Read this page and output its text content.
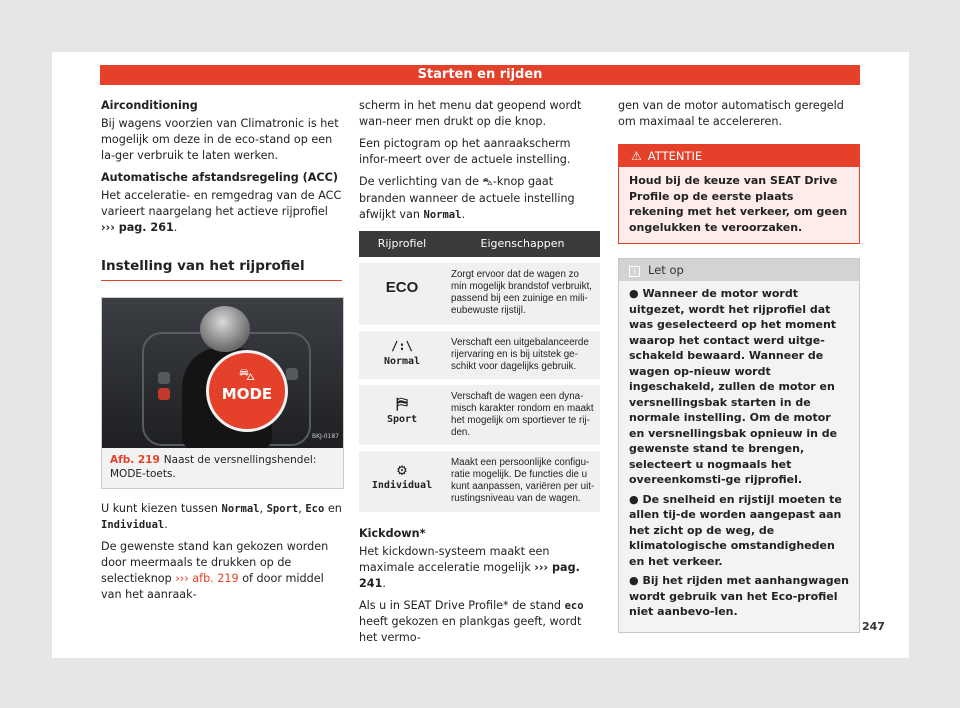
Starten en rijden

Airconditioning

Bij wagens voorzien van Climatronic is het mogelijk om deze in de eco-stand op een la-ger verbruik te laten werken.

Automatische afstandsregeling (ACC)

Het acceleratie- en remgedrag van de ACC varieert naargelang het actieve rijprofiel ››› pag. 261.

Instelling van het rijprofiel
⛍
MODE
BKJ-0187
Afb. 219 Naast de versnellingshendel: MODE-toets.

U kunt kiezen tussen Normal, Sport, Eco en Individual.

De gewenste stand kan gekozen worden door meermaals te drukken op de selectieknop ››› afb. 219 of door middel van het aanraak-

scherm in het menu dat geopend wordt wan-neer men drukt op die knop.

Een pictogram op het aanraakscherm infor-meert over de actuele instelling.

De verlichting van de ⛍-knop gaat branden wanneer de actuele instelling afwijkt van Normal.

Rijprofiel	Eigenschappen

ECO	Zorgt ervoor dat de wagen zo min mogelijk brandstof verbruikt, passend bij een zuinige en mili-eubewuste rijstijl.

/:\
Normal	Verschaft een uitgebalanceerde rijervaring en is bij uitstek ge-schikt voor dagelijks gebruik.

⛿
Sport	Verschaft de wagen een dyna-misch karakter rondom en maakt het mogelijk om sportiever te rij-den.

⚙
Individual	Maakt een persoonlijke configu-ratie mogelijk. De functies die u kunt aanpassen, variëren per uit-rustingsniveau van de wagen.

Kickdown*

Het kickdown-systeem maakt een maximale acceleratie mogelijk ››› pag. 241.

Als u in SEAT Drive Profile* de stand eco heeft gekozen en plankgas geeft, wordt het vermo-

gen van de motor automatisch geregeld om maximaal te accelereren.

⚠ ATTENTIE
Houd bij de keuze van SEAT Drive Profile op de eerste plaats rekening met het verkeer, om geen ongelukken te veroorzaken.
i Let op

● Wanneer de motor wordt uitgezet, wordt het rijprofiel dat was geselecteerd op het moment waarop het contact werd uitge-schakeld bewaard. Wanneer de wagen op-nieuw wordt ingeschakeld, zullen de motor en versnellingsbak starten in de normale instelling. Om de motor en versnellingsbak opnieuw in de gewenste stand te brengen, selecteert u nogmaals het overeenkomsti-ge rijprofiel.

● De snelheid en rijstijl moeten te allen tij-de worden aangepast aan het zicht op de weg, de klimatologische omstandigheden en het verkeer.

● Bij het rijden met aanhangwagen wordt gebruik van het Eco-profiel niet aanbevo-len.

247
